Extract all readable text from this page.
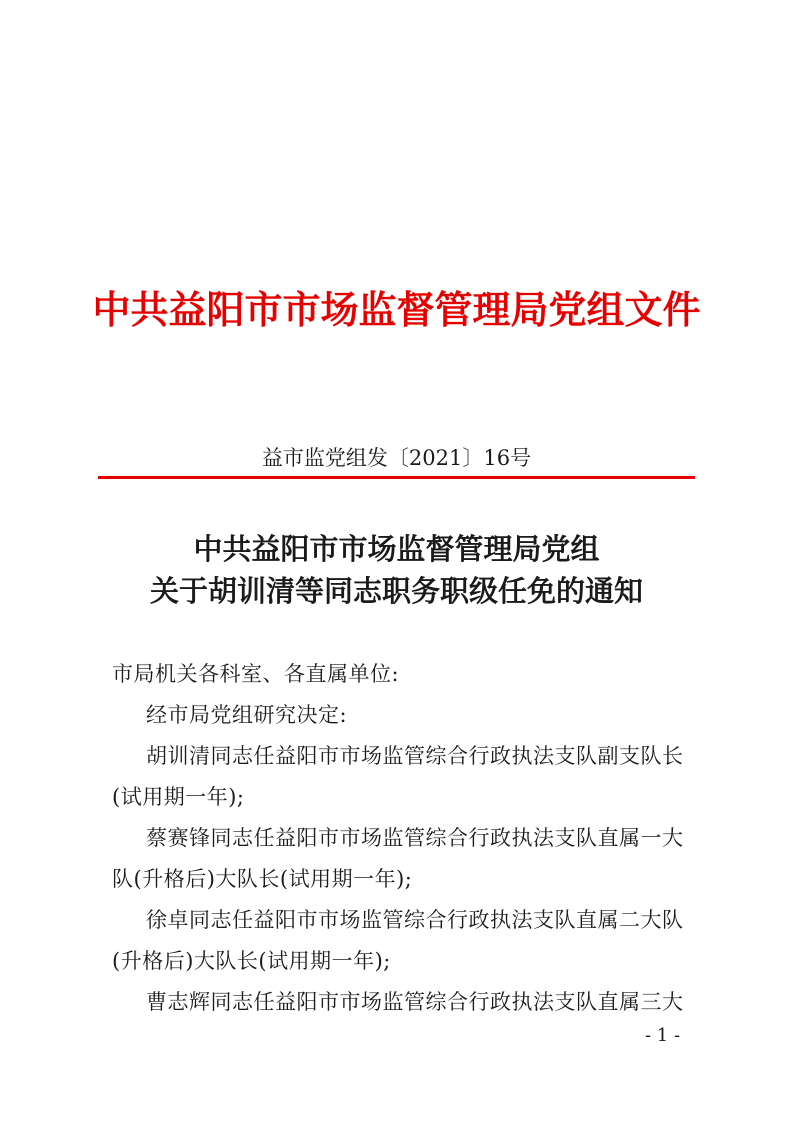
中共益阳市市场监督管理局党组文件
益市监党组发〔2021〕16号
中共益阳市市场监督管理局党组
关于胡训清等同志职务职级任免的通知
市局机关各科室、各直属单位:
经市局党组研究决定:
胡训清同志任益阳市市场监管综合行政执法支队副支队长
(试用期一年);
蔡赛锋同志任益阳市市场监管综合行政执法支队直属一大
队(升格后)大队长(试用期一年);
徐卓同志任益阳市市场监管综合行政执法支队直属二大队
(升格后)大队长(试用期一年);
曹志辉同志任益阳市市场监管综合行政执法支队直属三大
- 1 -
